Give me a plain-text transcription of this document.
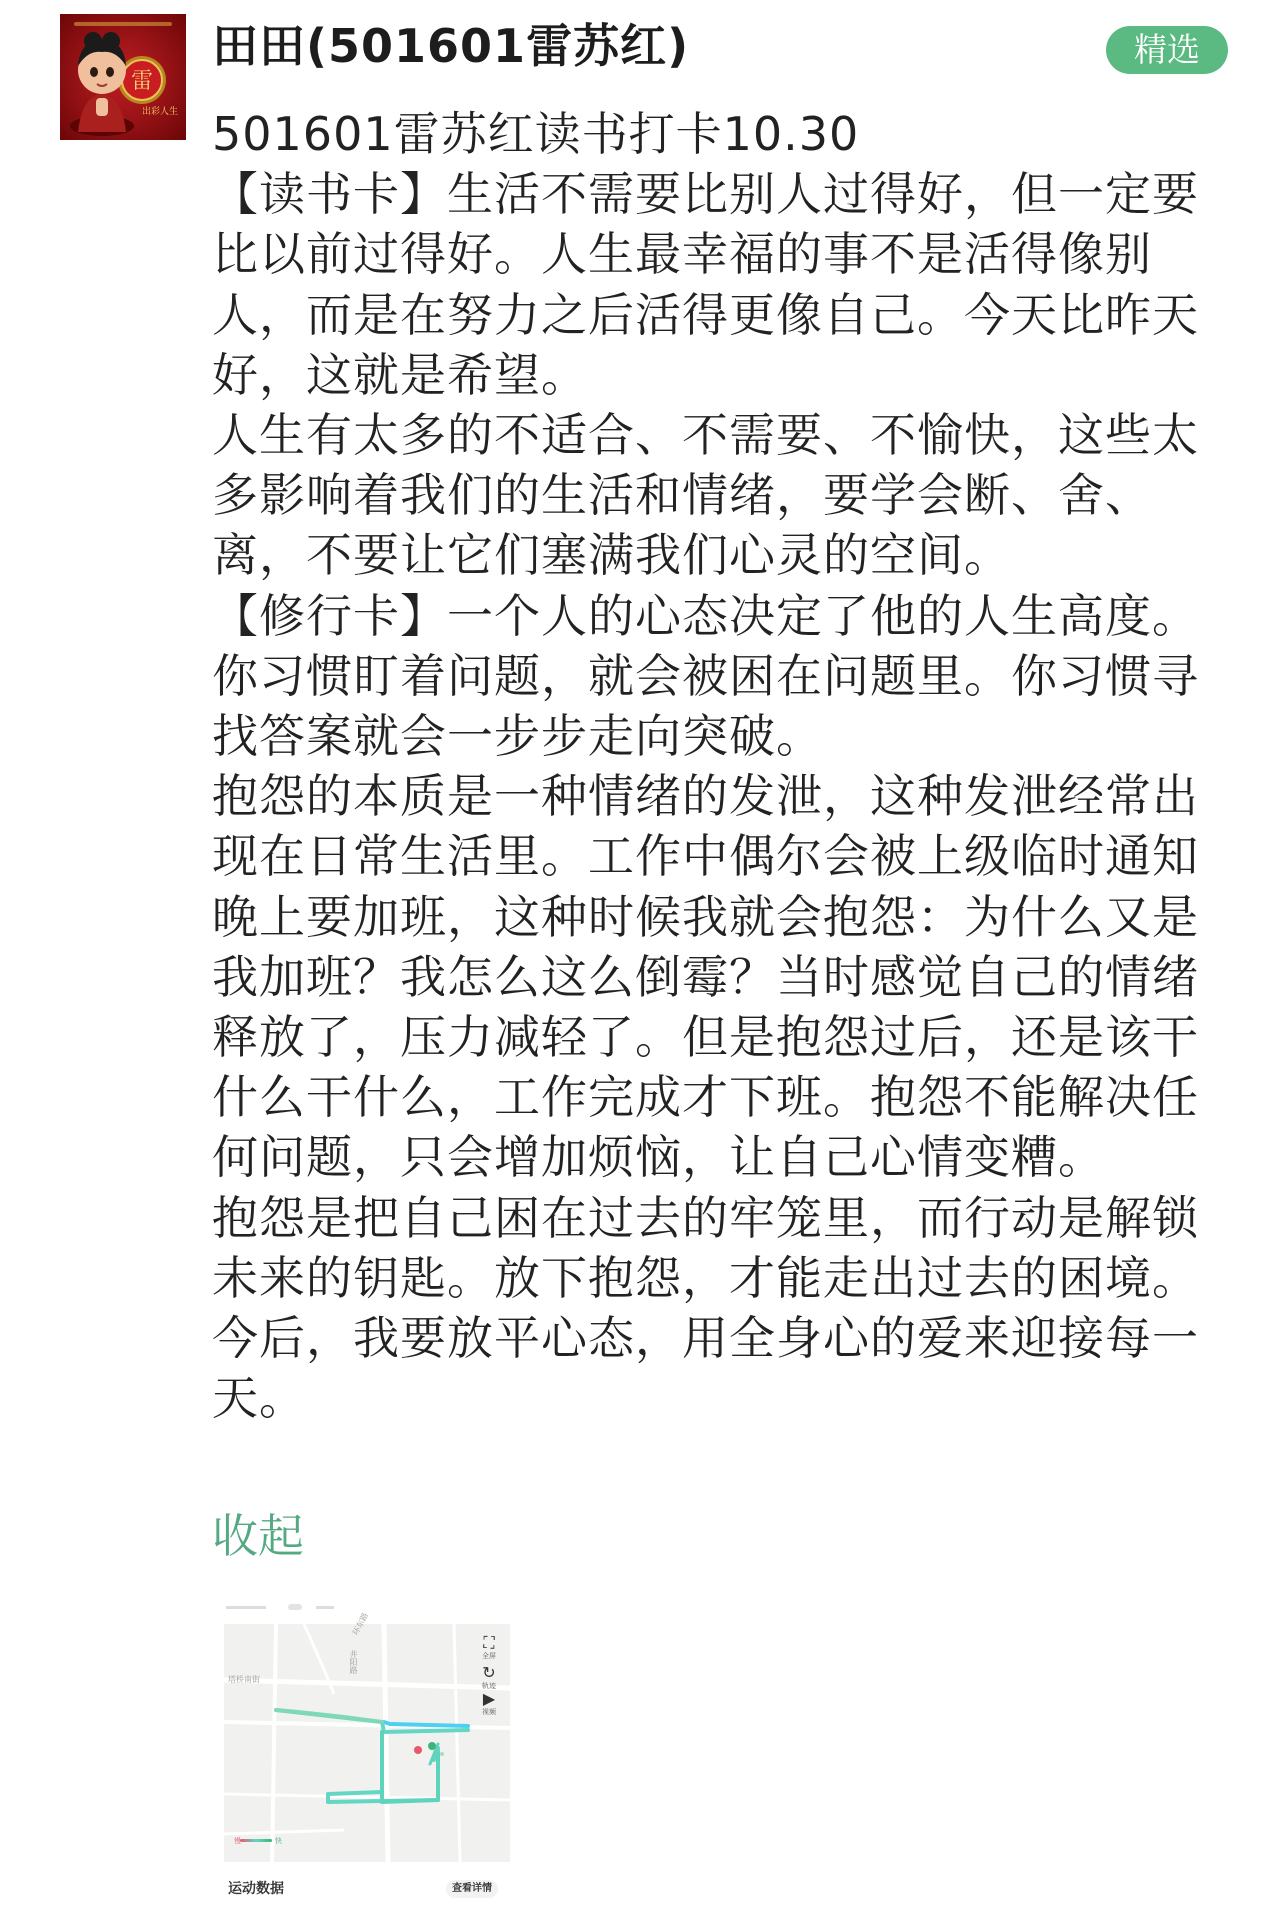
雷
出彩人生
田田(501601雷苏红)	精选

501601雷苏红读书打卡10.30

【读书卡】生活不需要比别人过得好，但一定要比以前过得好。人生最幸福的事不是活得像别人，而是在努力之后活得更像自己。今天比昨天好，这就是希望。

人生有太多的不适合、不需要、不愉快，这些太多影响着我们的生活和情绪，要学会断、舍、离，不要让它们塞满我们心灵的空间。

【修行卡】一个人的心态决定了他的人生高度。你习惯盯着问题，就会被困在问题里。你习惯寻找答案就会一步步走向突破。

抱怨的本质是一种情绪的发泄，这种发泄经常出现在日常生活里。工作中偶尔会被上级临时通知晚上要加班，这种时候我就会抱怨：为什么又是我加班？我怎么这么倒霉？当时感觉自己的情绪释放了，压力减轻了。但是抱怨过后，还是该干什么干什么，工作完成才下班。抱怨不能解决任何问题，只会增加烦恼，让自己心情变糟。

抱怨是把自己困在过去的牢笼里，而行动是解锁未来的钥匙。放下抱怨，才能走出过去的困境。今后，我要放平心态，用全身心的爱来迎接每一天。

收起
慢	快
环东路
井阳路
塔桥南街
⛶
全屏
↻
轨迹
▶
视频
运动数据	查看详情
